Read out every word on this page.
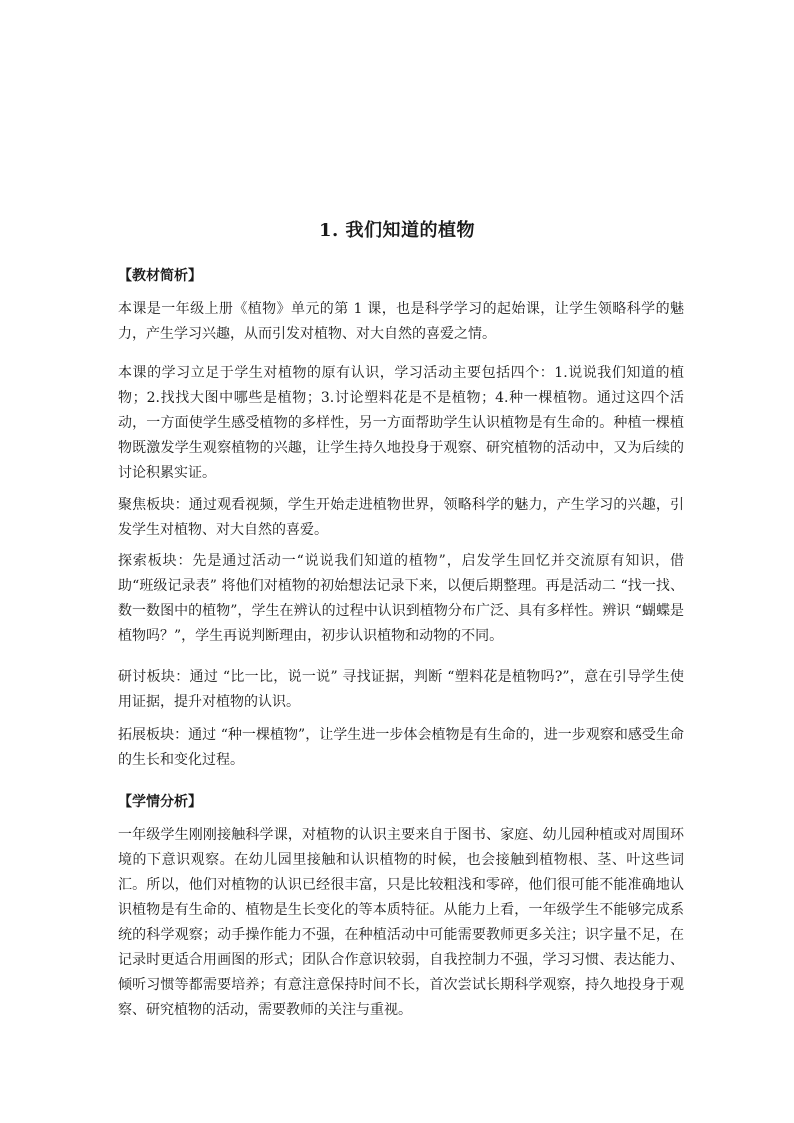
1. 我们知道的植物
【教材简析】
本课是一年级上册《植物》单元的第 1 课，也是科学学习的起始课，让学生领略科学的魅力，产生学习兴趣，从而引发对植物、对大自然的喜爱之情。
本课的学习立足于学生对植物的原有认识，学习活动主要包括四个：1.说说我们知道的植物；2.找找大图中哪些是植物；3.讨论塑料花是不是植物；4.种一棵植物。通过这四个活动，一方面使学生感受植物的多样性，另一方面帮助学生认识植物是有生命的。种植一棵植物既激发学生观察植物的兴趣，让学生持久地投身于观察、研究植物的活动中，又为后续的讨论积累实证。
聚焦板块：通过观看视频，学生开始走进植物世界，领略科学的魅力，产生学习的兴趣，引发学生对植物、对大自然的喜爱。
探索板块：先是通过活动一“说说我们知道的植物”，启发学生回忆并交流原有知识，借助“班级记录表” 将他们对植物的初始想法记录下来，以便后期整理。再是活动二 “找一找、数一数图中的植物”，学生在辨认的过程中认识到植物分布广泛、具有多样性。辨识 “蝴蝶是植物吗？”，学生再说判断理由，初步认识植物和动物的不同。
研讨板块：通过 “比一比，说一说” 寻找证据，判断 “塑料花是植物吗?”，意在引导学生使用证据，提升对植物的认识。
拓展板块：通过 “种一棵植物”，让学生进一步体会植物是有生命的，进一步观察和感受生命的生长和变化过程。
【学情分析】
一年级学生刚刚接触科学课，对植物的认识主要来自于图书、家庭、幼儿园种植或对周围环境的下意识观察。在幼儿园里接触和认识植物的时候，也会接触到植物根、茎、叶这些词汇。所以，他们对植物的认识已经很丰富，只是比较粗浅和零碎，他们很可能不能准确地认识植物是有生命的、植物是生长变化的等本质特征。从能力上看，一年级学生不能够完成系统的科学观察；动手操作能力不强，在种植活动中可能需要教师更多关注；识字量不足，在记录时更适合用画图的形式；团队合作意识较弱，自我控制力不强，学习习惯、表达能力、倾听习惯等都需要培养；有意注意保持时间不长，首次尝试长期科学观察，持久地投身于观察、研究植物的活动，需要教师的关注与重视。
